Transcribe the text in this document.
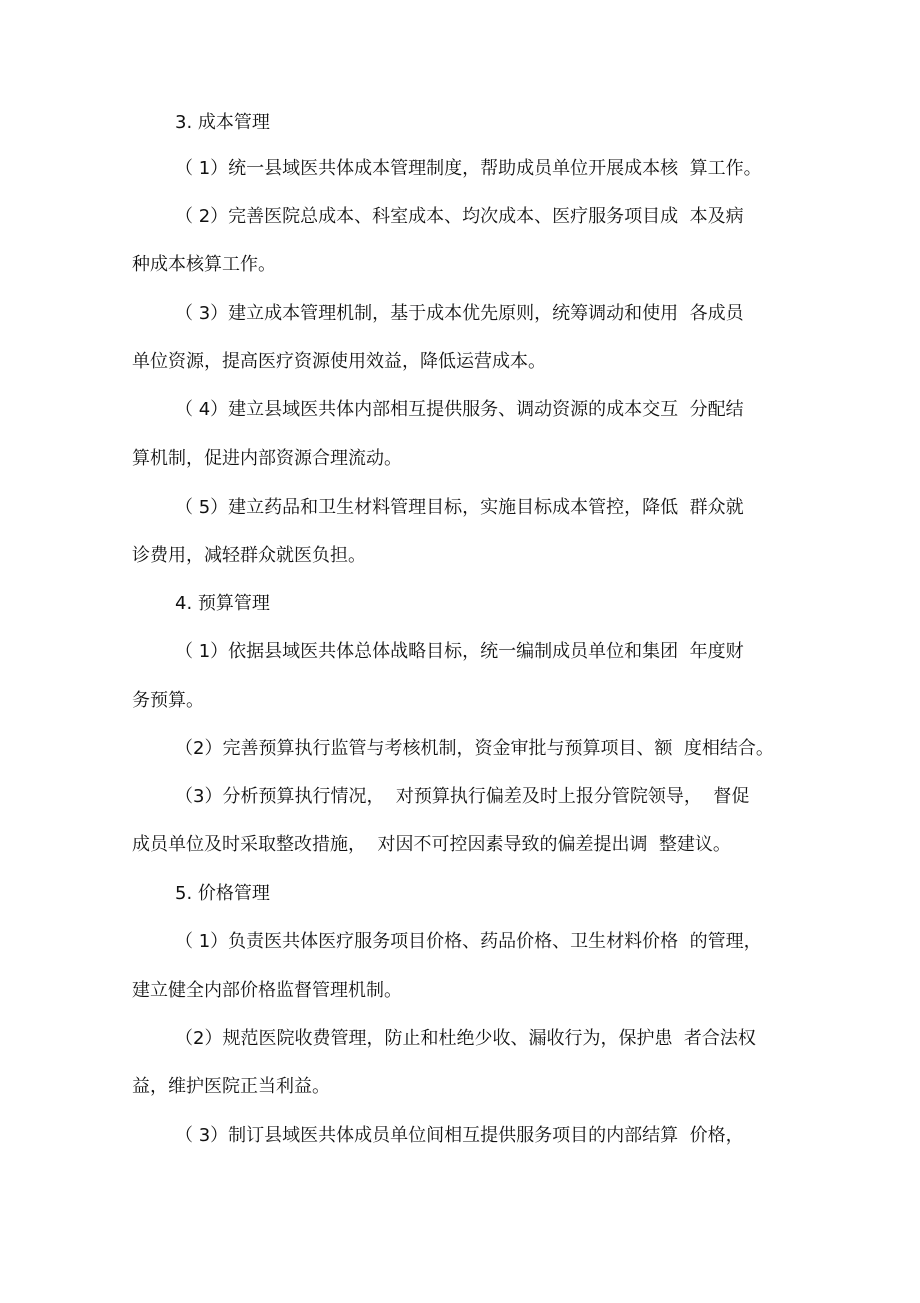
3. 成本管理
（ 1）统一县域医共体成本管理制度，帮助成员单位开展成本核  算工作。
（ 2）完善医院总成本、科室成本、均次成本、医疗服务项目成  本及病
种成本核算工作。
（ 3）建立成本管理机制，基于成本优先原则，统筹调动和使用  各成员
单位资源，提高医疗资源使用效益，降低运营成本。
（ 4）建立县域医共体内部相互提供服务、调动资源的成本交互  分配结
算机制，促进内部资源合理流动。
（ 5）建立药品和卫生材料管理目标，实施目标成本管控，降低  群众就
诊费用，减轻群众就医负担。
4. 预算管理
（ 1）依据县域医共体总体战略目标，统一编制成员单位和集团  年度财
务预算。
（2）完善预算执行监管与考核机制，资金审批与预算项目、额  度相结合。
（3）分析预算执行情况，  对预算执行偏差及时上报分管院领导，  督促
成员单位及时采取整改措施，  对因不可控因素导致的偏差提出调  整建议。
5. 价格管理
（ 1）负责医共体医疗服务项目价格、药品价格、卫生材料价格  的管理，
建立健全内部价格监督管理机制。
（2）规范医院收费管理，防止和杜绝少收、漏收行为，保护患  者合法权
益，维护医院正当利益。
（ 3）制订县域医共体成员单位间相互提供服务项目的内部结算  价格，
